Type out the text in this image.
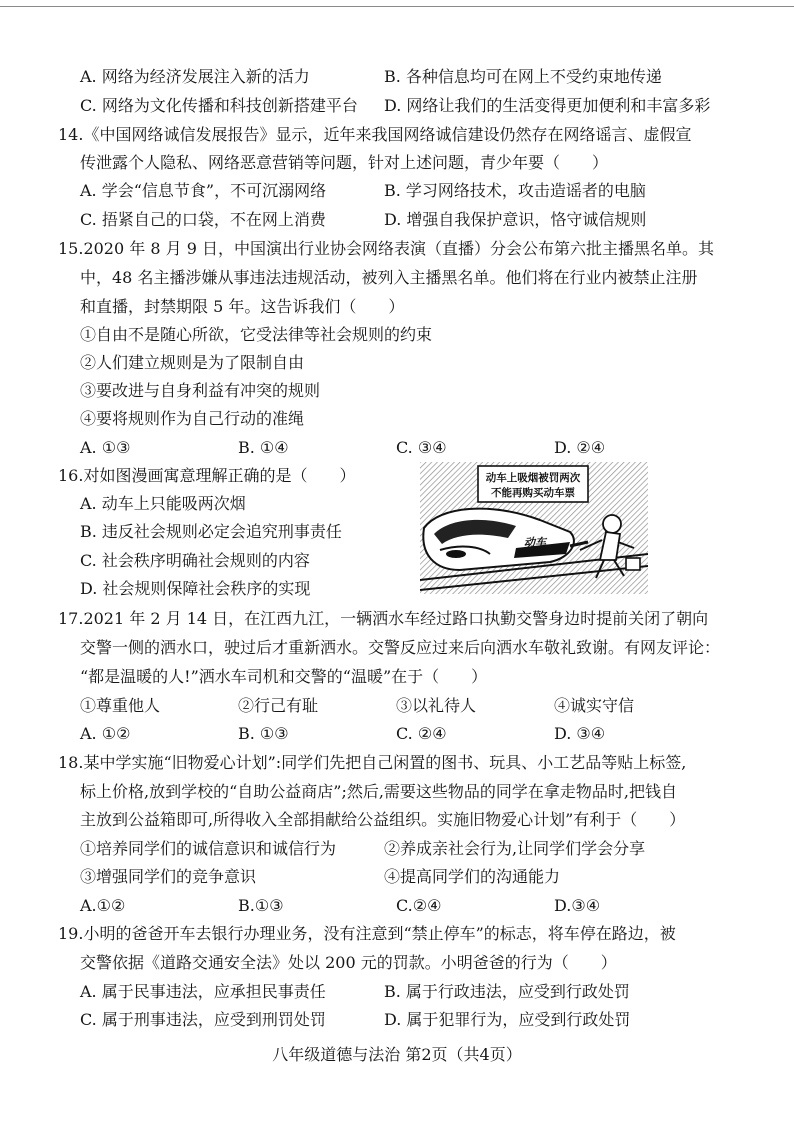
A. 网络为经济发展注入新的活力	B. 各种信息均可在网上不受约束地传递
C. 网络为文化传播和科技创新搭建平台 D. 网络让我们的生活变得更加便利和丰富多彩
14.《中国网络诚信发展报告》显示，近年来我国网络诚信建设仍然存在网络谣言、虚假宣
传泄露个人隐私、网络恶意营销等问题，针对上述问题，青少年要（　　）
A. 学会“信息节食”，不可沉溺网络	B. 学习网络技术，攻击造谣者的电脑
C. 捂紧自己的口袋，不在网上消费	D. 增强自我保护意识，恪守诚信规则
15.2020 年 8 月 9 日，中国演出行业协会网络表演（直播）分会公布第六批主播黑名单。其
中，48 名主播涉嫌从事违法违规活动，被列入主播黑名单。他们将在行业内被禁止注册
和直播，封禁期限 5 年。这告诉我们（　　）
①自由不是随心所欲，它受法律等社会规则的约束
②人们建立规则是为了限制自由
③要改进与自身利益有冲突的规则
④要将规则作为自己行动的准绳
A. ①③	B. ①④	C. ③④	D. ②④
16.对如图漫画寓意理解正确的是（　　）
A. 动车上只能吸两次烟
B. 违反社会规则必定会追究刑事责任
C. 社会秩序明确社会规则的内容
D. 社会规则保障社会秩序的实现
动车上吸烟被罚两次
不能再购买动车票
动车
17.2021 年 2 月 14 日，在江西九江，一辆洒水车经过路口执勤交警身边时提前关闭了朝向
交警一侧的洒水口，驶过后才重新洒水。交警反应过来后向洒水车敬礼致谢。有网友评论：
“都是温暖的人!”洒水车司机和交警的“温暖”在于（　　）
①尊重他人	②行己有耻	③以礼待人	④诚实守信
A. ①②	B. ①③	C. ②④	D. ③④
18.某中学实施“旧物爱心计划”:同学们先把自己闲置的图书、玩具、小工艺品等贴上标签,
标上价格,放到学校的“自助公益商店”;然后,需要这些物品的同学在拿走物品时,把钱自
主放到公益箱即可,所得收入全部捐献给公益组织。实施旧物爱心计划”有利于（　　）
①培养同学们的诚信意识和诚信行为	②养成亲社会行为,让同学们学会分享
③增强同学们的竞争意识	④提高同学们的沟通能力
A.①②	B.①③	C.②④	D.③④
19.小明的爸爸开车去银行办理业务，没有注意到“禁止停车”的标志，将车停在路边，被
交警依据《道路交通安全法》处以 200 元的罚款。小明爸爸的行为（　　）
A. 属于民事违法，应承担民事责任	B. 属于行政违法，应受到行政处罚
C. 属于刑事违法，应受到刑罚处罚	D. 属于犯罪行为，应受到行政处罚
八年级道德与法治 第2页（共4页）
